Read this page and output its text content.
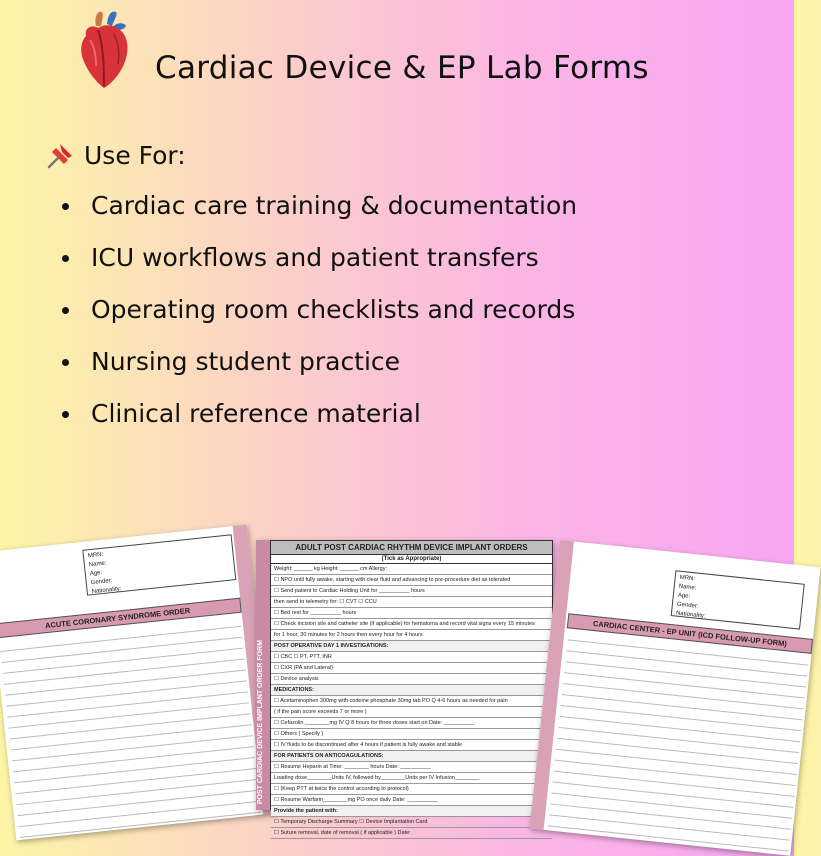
Cardiac Device & EP Lab Forms
Use For:
Cardiac care training & documentation
ICU workflows and patient transfers
Operating room checklists and records
Nursing student practice
Clinical reference material
MRN:
Name:
Age:
Gender:
Nationality:
ACUTE CORONARY SYNDROME ORDER
POST CARDIAC DEVICE IMPLANT ORDER FORM
ADULT POST CARDIAC RHYTHM DEVICE IMPLANT ORDERS
(Tick as Appropriate)
Weight: ______ kg Height: ______ cm Allergy:
☐ NPO until fully awake, starting with clear fluid and advancing to pre-procedure diet as tolerated
☐ Send patient to Cardiac Holding Unit for __________ hours
then send to telemetry for: ☐ CVT ☐ CCU
☐ Bed rest for __________ hours
☐ Check incision site and catheter site (if applicable) for hematoma and record vital signs every 15 minutes
for 1 hour, 30 minutes for 2 hours then every hour for 4 hours
POST OPERATIVE DAY 1 INVESTIGATIONS:
☐ CBC ☐ PT, PTT, INR
☐ CXR (PA and Lateral)
☐ Device analysis
MEDICATIONS:
☐ Acetaminophen 300mg with codeine phosphate 30mg tab PO Q 4-6 hours as needed for pain
( if the pain score exceeds 7 or more )
☐ Cefazolin ________mg IV Q 8 hours for three doses start on Date: __________
☐ Others ( Specify )
☐ IV fluids to be discontinued after 4 hours if patient is fully awake and stable
FOR PATIENTS ON ANTICOAGULATIONS:
☐ Resume Heparin at Time: ________ hours Date: __________
Loading dose________Units IV, followed by________Units per IV Infusion________
☐ (Keep PTT at twice the control according to protocol)
☐ Resume Warfarin________mg PO once daily Date: __________
Provide the patient with:
☐ Temporary Discharge Summary ☐ Device Implantation Card
☐ Suture removal, date of removal ( if applicable ) Date:
MRN:
Name:
Age:
Gender:
Nationality:
CARDIAC CENTER - EP UNIT (ICD FOLLOW-UP FORM)
